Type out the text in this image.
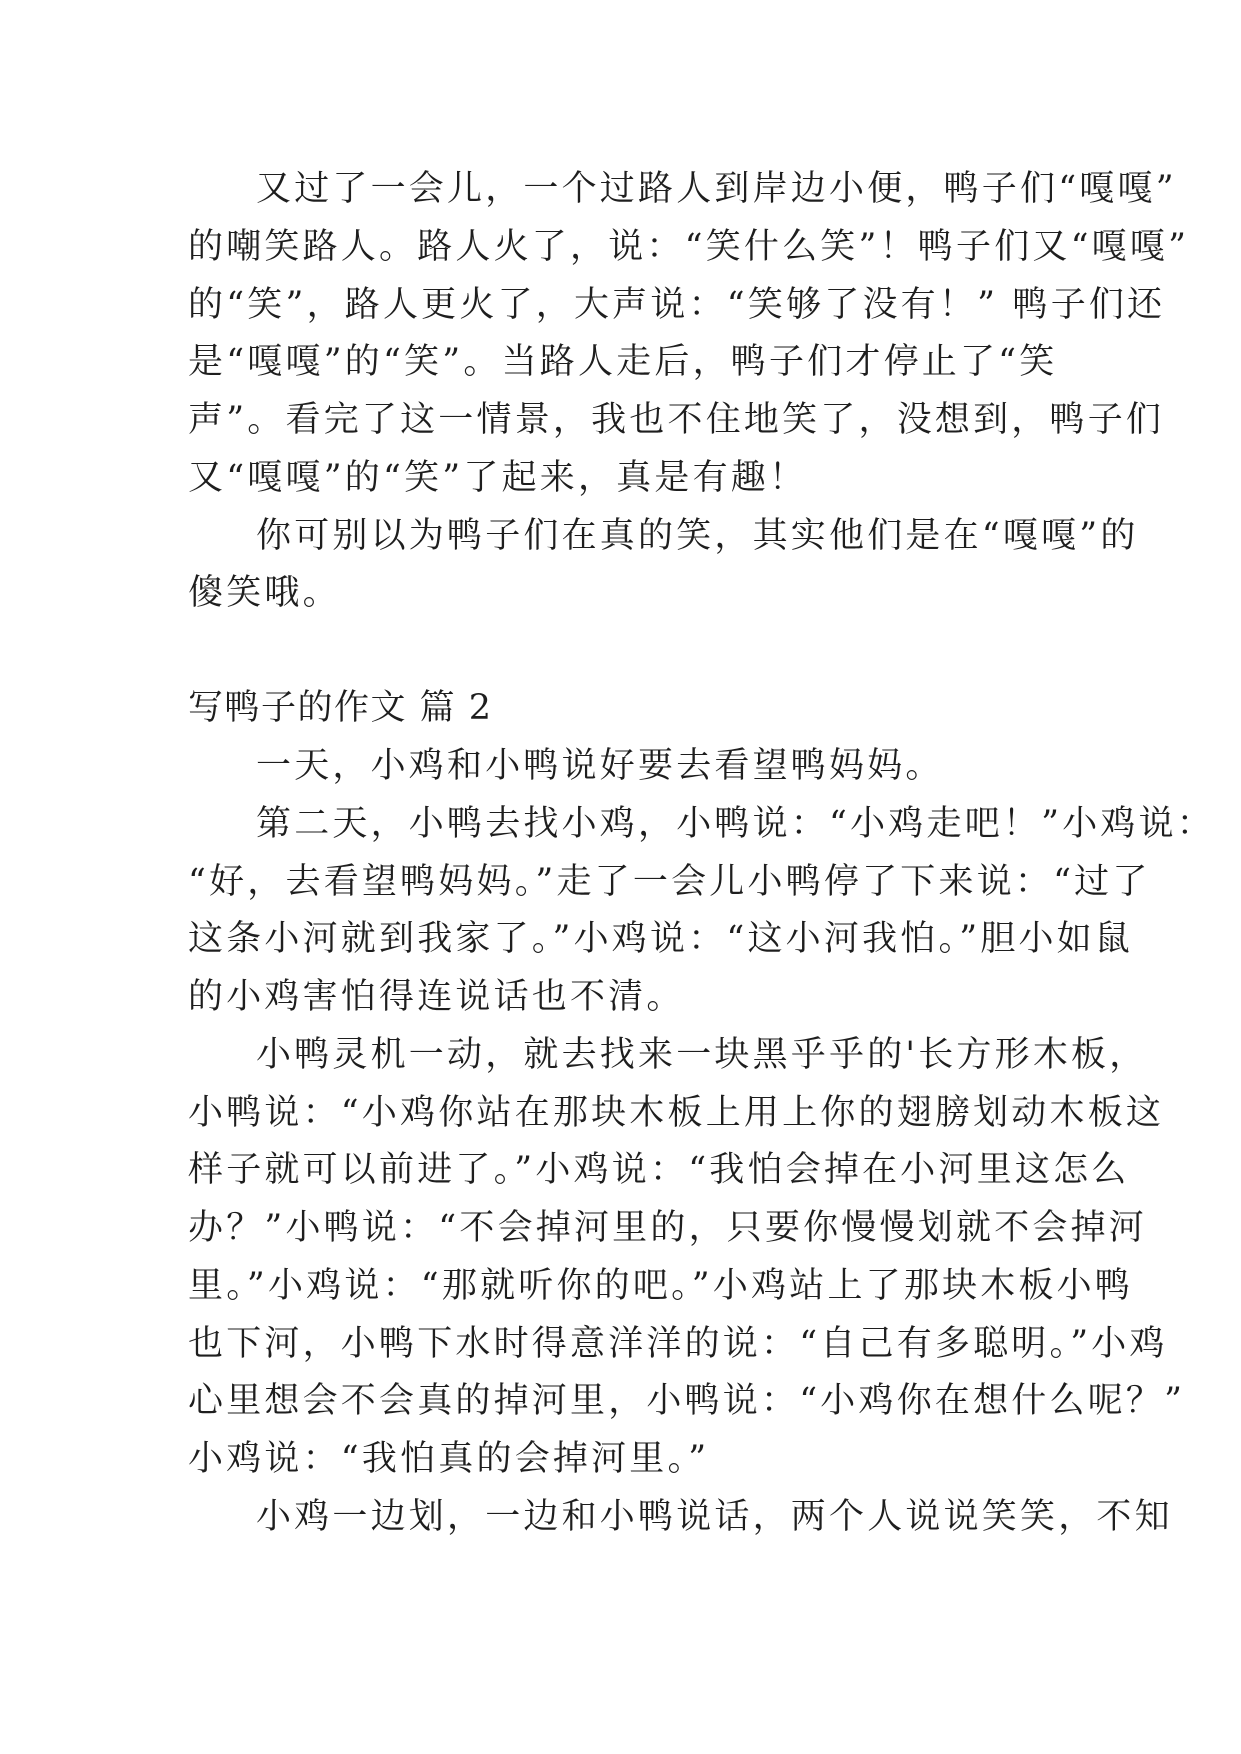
又过了一会儿，一个过路人到岸边小便，鸭子们“嘎嘎”
的嘲笑路人。路人火了，说：“笑什么笑”！鸭子们又“嘎嘎”
的“笑”，路人更火了，大声说：“笑够了没有！” 鸭子们还
是“嘎嘎”的“笑”。当路人走后，鸭子们才停止了“笑
声”。看完了这一情景，我也不住地笑了，没想到，鸭子们
又“嘎嘎”的“笑”了起来，真是有趣！
你可别以为鸭子们在真的笑，其实他们是在“嘎嘎”的
傻笑哦。
写鸭子的作文 篇 2
一天，小鸡和小鸭说好要去看望鸭妈妈。
第二天，小鸭去找小鸡，小鸭说：“小鸡走吧！”小鸡说：
“好，去看望鸭妈妈。”走了一会儿小鸭停了下来说：“过了
这条小河就到我家了。”小鸡说：“这小河我怕。”胆小如鼠
的小鸡害怕得连说话也不清。
小鸭灵机一动，就去找来一块黑乎乎的'长方形木板，
小鸭说：“小鸡你站在那块木板上用上你的翅膀划动木板这
样子就可以前进了。”小鸡说：“我怕会掉在小河里这怎么
办？”小鸭说：“不会掉河里的，只要你慢慢划就不会掉河
里。”小鸡说：“那就听你的吧。”小鸡站上了那块木板小鸭
也下河，小鸭下水时得意洋洋的说：“自己有多聪明。”小鸡
心里想会不会真的掉河里，小鸭说：“小鸡你在想什么呢？”
小鸡说：“我怕真的会掉河里。”
小鸡一边划，一边和小鸭说话，两个人说说笑笑，不知
